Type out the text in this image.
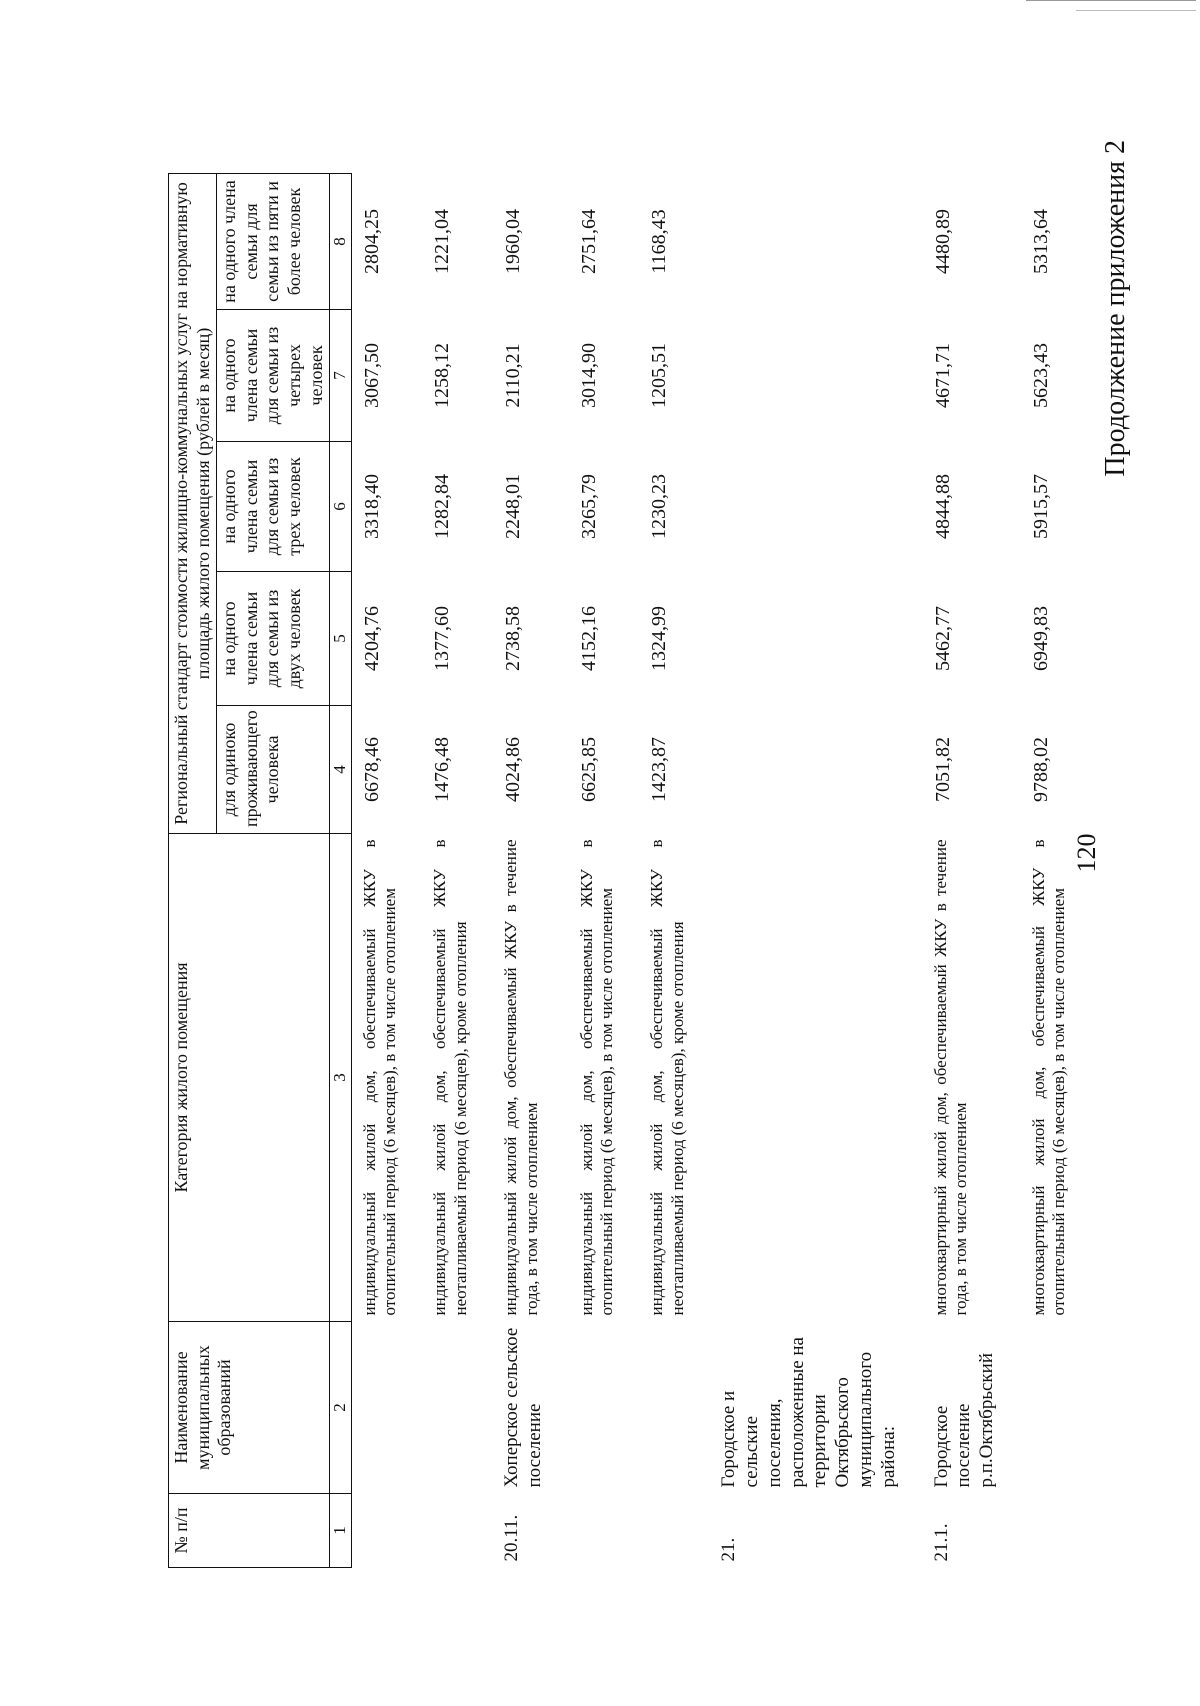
120
Продолжение приложения 2
№ п/п	Наименование муниципальных образований	Категория жилого помещения	Региональный стандарт стоимости жилищно-коммунальных услуг на нормативную площадь жилого помещения (рублей в месяц)				
			для одиноко проживающего человека	на одного члена семьи для семьи из двух человек	на одного члена семьи для семьи из трех человек	на одного члена семьи для семьи из четырех человек	на одного члена семьи для семьи из пяти и более человек
1	2	3	4	5	6	7	8
		индивидуальный жилой дом, обеспечиваемый ЖКУ в отопительный период (6 месяцев), в том числе отоплением	6678,46	4204,76	3318,40	3067,50	2804,25
		индивидуальный жилой дом, обеспечиваемый ЖКУ в неотапливаемый период (6 месяцев), кроме отопления	1476,48	1377,60	1282,84	1258,12	1221,04
20.11.	Хоперское сельское поселение	индивидуальный жилой дом, обеспечиваемый ЖКУ в течение года, в том числе отоплением	4024,86	2738,58	2248,01	2110,21	1960,04
		индивидуальный жилой дом, обеспечиваемый ЖКУ в отопительный период (6 месяцев), в том числе отоплением	6625,85	4152,16	3265,79	3014,90	2751,64
		индивидуальный жилой дом, обеспечиваемый ЖКУ в неотапливаемый период (6 месяцев), кроме отопления	1423,87	1324,99	1230,23	1205,51	1168,43
21.	Городское и сельские поселения, расположенные на территории Октябрьского муниципального района:						
21.1.	Городское поселение р.п.Октябрьский	многоквартирный жилой дом, обеспечиваемый ЖКУ в течение года, в том числе отоплением	7051,82	5462,77	4844,88	4671,71	4480,89
		многоквартирный жилой дом, обеспечиваемый ЖКУ в отопительный период (6 месяцев), в том числе отоплением	9788,02	6949,83	5915,57	5623,43	5313,64
